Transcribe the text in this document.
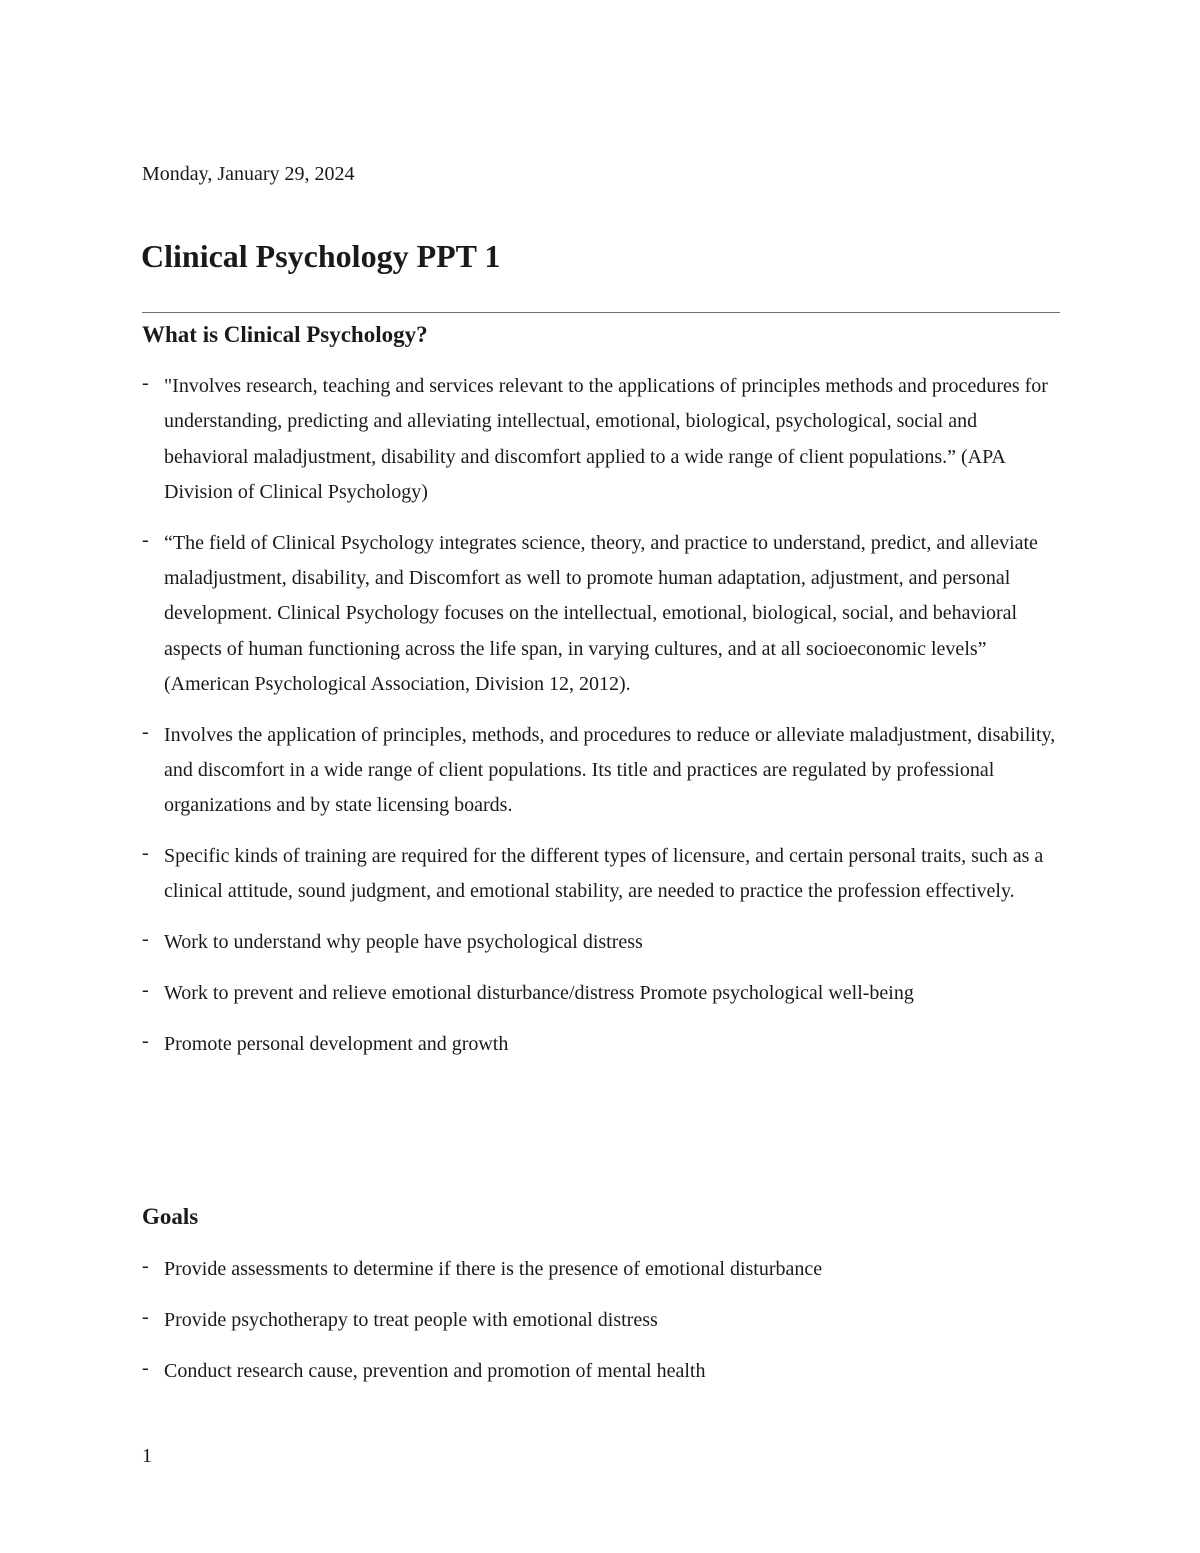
Monday, January 29, 2024
Clinical Psychology PPT 1
What is Clinical Psychology?
- "Involves research, teaching and services relevant to the applications of principles methods and procedures for understanding, predicting and alleviating intellectual, emotional, biological, psychological, social and behavioral maladjustment, disability and discomfort applied to a wide range of client populations.” (APA Division of Clinical Psychology)
- “The field of Clinical Psychology integrates science, theory, and practice to understand, predict, and alleviate maladjustment, disability, and Discomfort as well to promote human adaptation, adjustment, and personal development. Clinical Psychology focuses on the intellectual, emotional, biological, social, and behavioral aspects of human functioning across the life span, in varying cultures, and at all socioeconomic levels” (American Psychological Association, Division 12, 2012).
- Involves the application of principles, methods, and procedures to reduce or alleviate maladjustment, disability, and discomfort in a wide range of client populations. Its title and practices are regulated by professional organizations and by state licensing boards.
- Specific kinds of training are required for the different types of licensure, and certain personal traits, such as a clinical attitude, sound judgment, and emotional stability, are needed to practice the profession effectively.
- Work to understand why people have psychological distress
- Work to prevent and relieve emotional disturbance/distress Promote psychological well-being
- Promote personal development and growth
Goals
- Provide assessments to determine if there is the presence of emotional disturbance
- Provide psychotherapy to treat people with emotional distress
- Conduct research cause, prevention and promotion of mental health
1
